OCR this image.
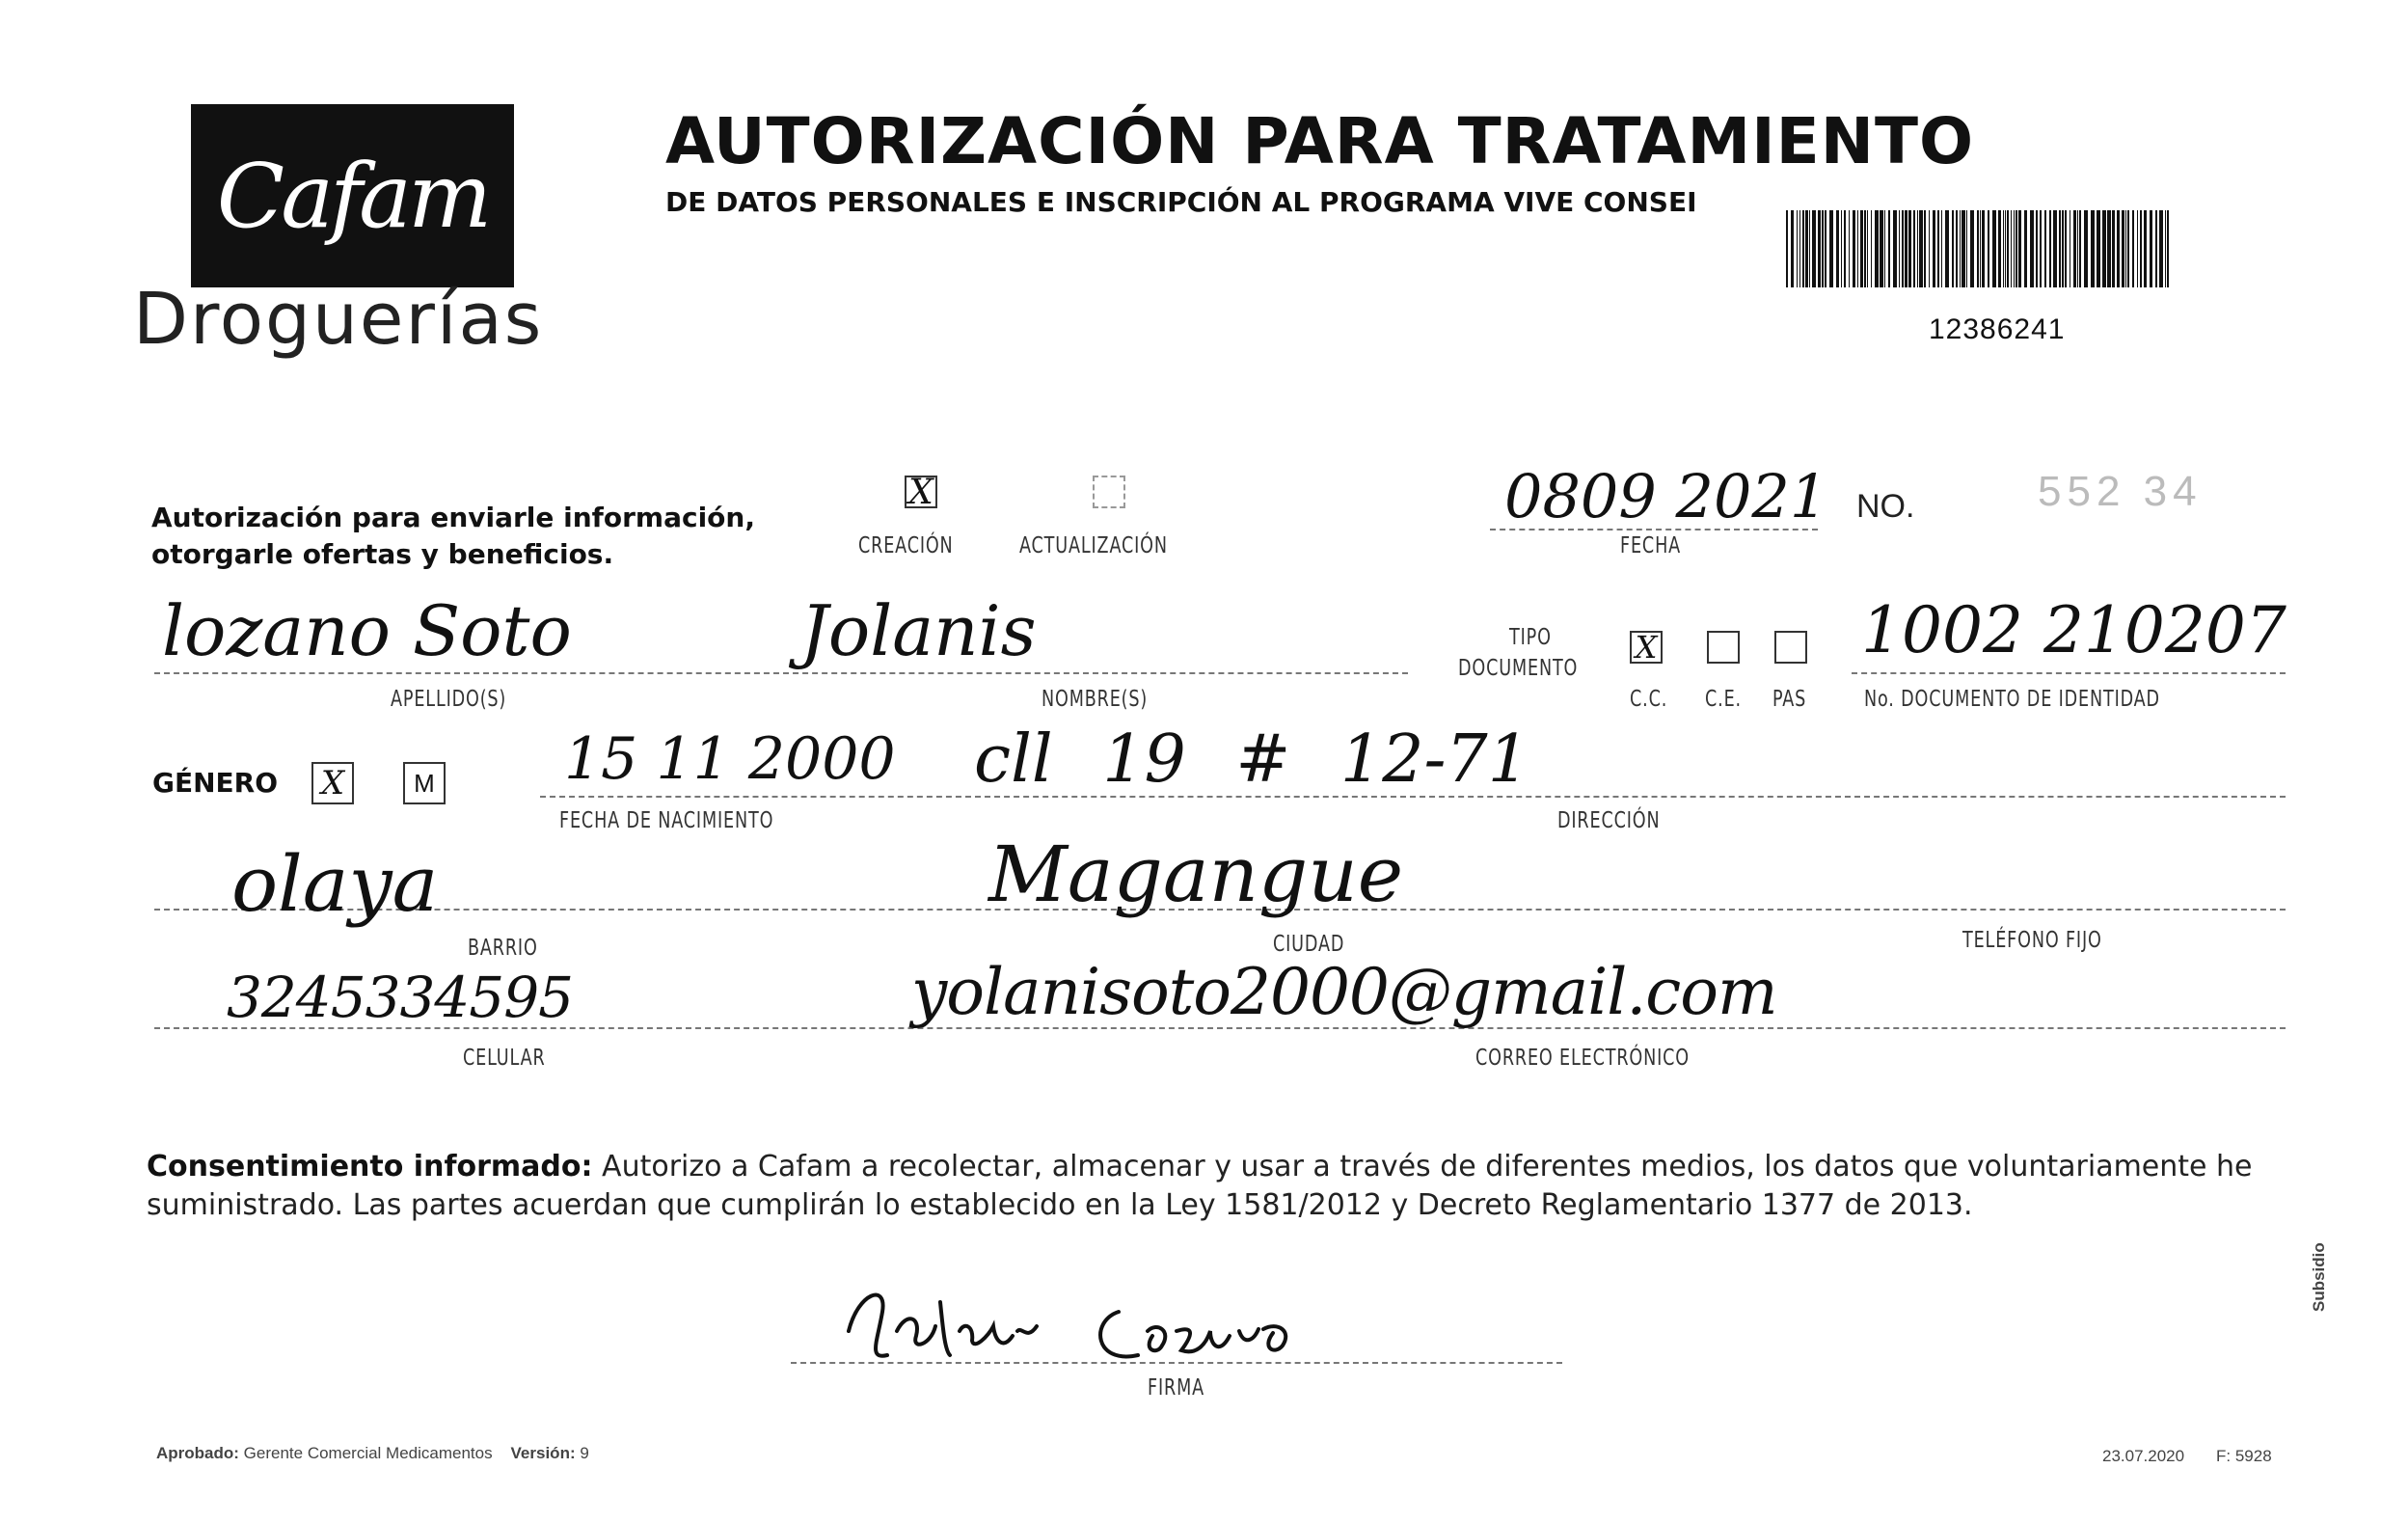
Cafam
Droguerías
AUTORIZACIÓN PARA TRATAMIENTO
DE DATOS PERSONALES E INSCRIPCIÓN AL PROGRAMA VIVE CONSEI
12386241
Autorización para enviarle información,
otorgarle ofertas y beneficios.
X
CREACIÓN	ACTUALIZACIÓN
0809 2021
FECHA
NO.	552 34
lozano Soto
APELLIDO(S)
Jolanis
NOMBRE(S)
TIPO
DOCUMENTO
X
C.C. C.E. PAS
1002 210207
No. DOCUMENTO DE IDENTIDAD
GÉNERO X	M 15 11 2000
FECHA DE NACIMIENTO
cll 19 # 12-71
DIRECCIÓN
olaya
BARRIO
Magangue
CIUDAD	TELÉFONO FIJO
3245334595
CELULAR
yolanisoto2000@gmail.com
CORREO ELECTRÓNICO
Consentimiento informado: Autorizo a Cafam a recolectar, almacenar y usar a través de diferentes medios, los datos que voluntariamente he suministrado. Las partes acuerdan que cumplirán lo establecido en la Ley 1581/2012 y Decreto Reglamentario 1377 de 2013.
FIRMA
Aprobado: Gerente Comercial Medicamentos Versión: 9	23.07.2020 F: 5928
Subsidio
